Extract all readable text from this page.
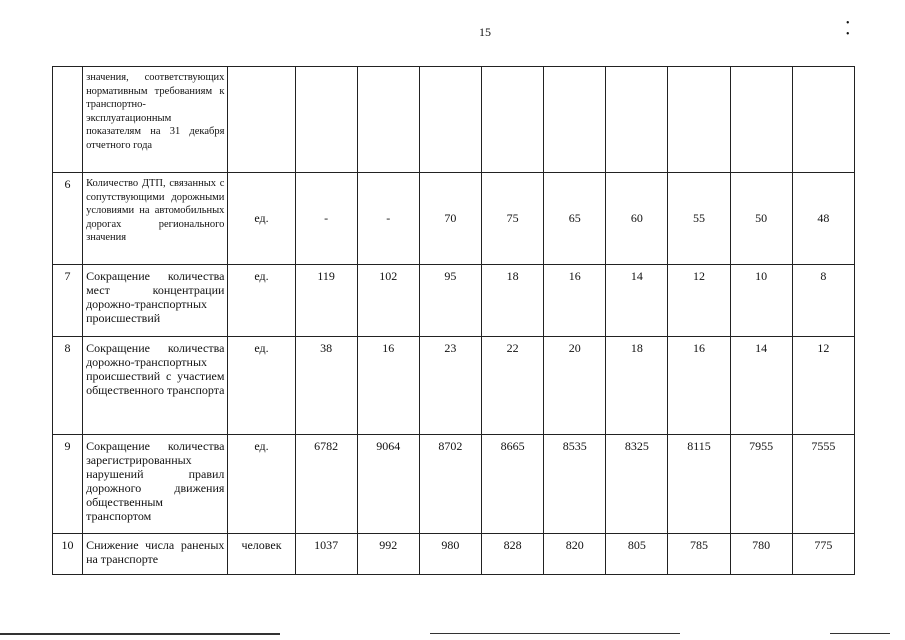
15
• •
	значения, соответствующих нормативным требованиям к транспортно-эксплуатационным показателям на 31 декабря отчетного года										
6	Количество ДТП, связанных с сопутствующими дорожными условиями на автомобильных дорогах регионального значения	ед.	-	-	70	75	65	60	55	50	48
7	Сокращение количества мест концентрации дорожно-транспортных происшествий	ед.	119	102	95	18	16	14	12	10	8
8	Сокращение количества дорожно-транспортных происшествий с участием общественного транспорта	ед.	38	16	23	22	20	18	16	14	12
9	Сокращение количества зарегистрированных нарушений правил дорожного движения общественным транспортом	ед.	6782	9064	8702	8665	8535	8325	8115	7955	7555
10	Снижение числа раненых на транспорте	человек	1037	992	980	828	820	805	785	780	775
